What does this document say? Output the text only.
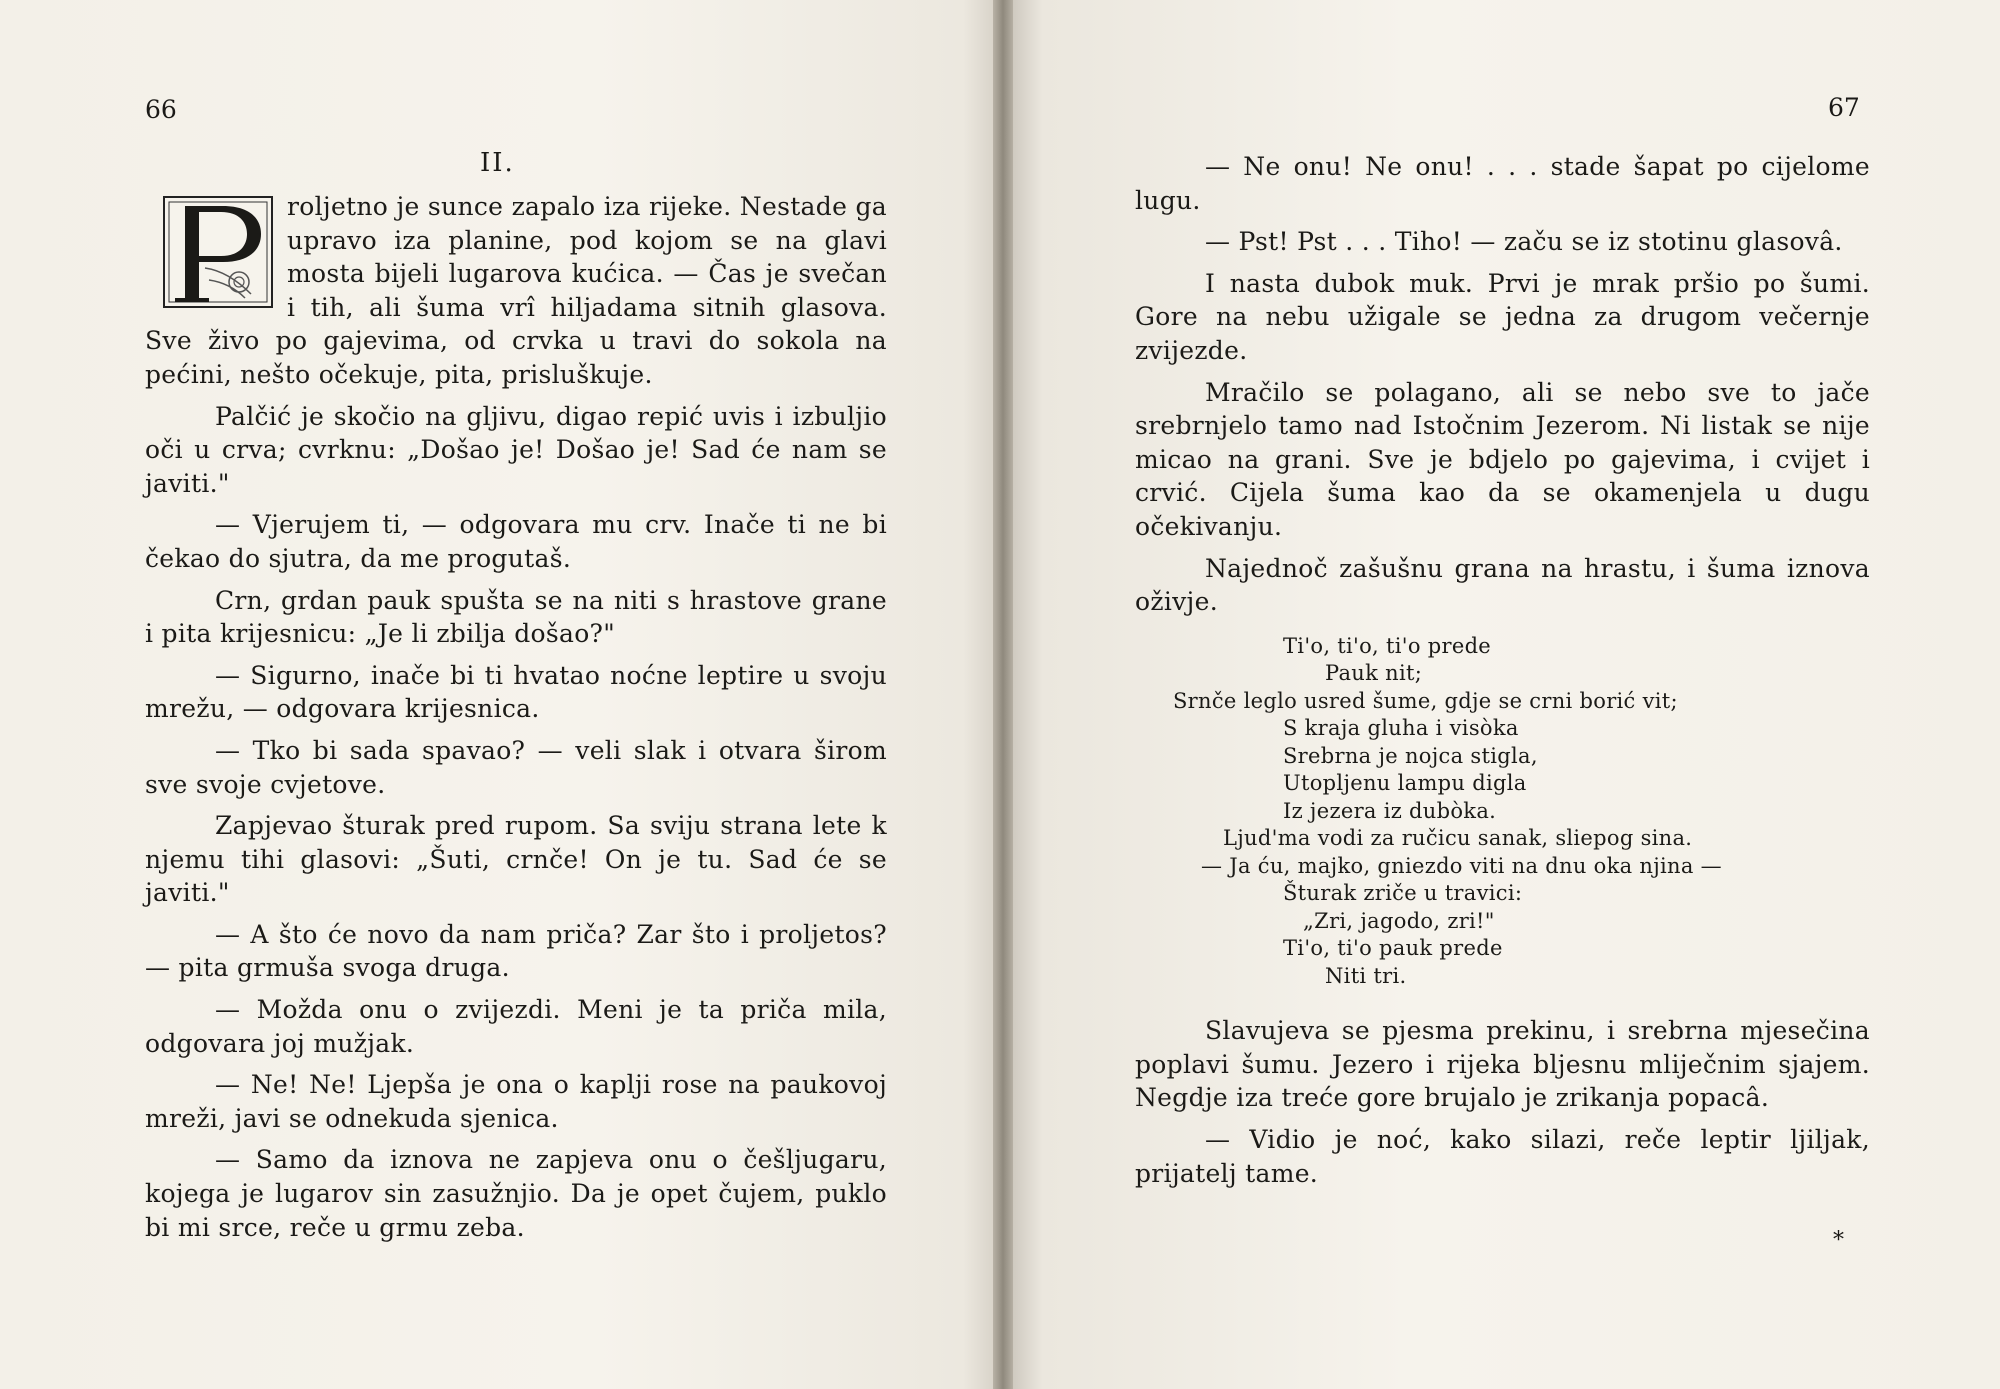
66
II.

roljetno je sunce zapalo iza rijeke. Nestade ga upravo iza planine, pod kojom se na glavi mosta bijeli lugarova kućica. — Čas je svečan i tih, ali šuma vrî hiljadama sitnih glasova. Sve živo po gajevima, od crvka u travi do sokola na pećini, nešto očekuje, pita, prisluškuje.

Palčić je skočio na gljivu, digao repić uvis i izbuljio oči u crva; cvrknu: „Došao je! Došao je! Sad će nam se javiti."

— Vjerujem ti, — odgovara mu crv. Inače ti ne bi čekao do sjutra, da me progutaš.

Crn, grdan pauk spušta se na niti s hrastove grane i pita krijesnicu: „Je li zbilja došao?"

— Sigurno, inače bi ti hvatao noćne leptire u svoju mrežu, — odgovara krijesnica.

— Tko bi sada spavao? — veli slak i otvara širom sve svoje cvjetove.

Zapjevao šturak pred rupom. Sa sviju strana lete k njemu tihi glasovi: „Šuti, crnče! On je tu. Sad će se javiti."

— A što će novo da nam priča? Zar što i proljetos? — pita grmuša svoga druga.

— Možda onu o zvijezdi. Meni je ta priča mila, odgovara joj mužjak.

— Ne! Ne! Ljepša je ona o kaplji rose na paukovoj mreži, javi se odnekuda sjenica.

— Samo da iznova ne zapjeva onu o češljugaru, kojega je lugarov sin zasužnjio. Da je opet čujem, puklo bi mi srce, reče u grmu zeba.

67

— Ne onu! Ne onu! . . . stade šapat po cijelome lugu.

— Pst! Pst . . . Tiho! — začu se iz stotinu glasovâ.

I nasta dubok muk. Prvi je mrak pršio po šumi. Gore na nebu užigale se jedna za drugom večernje zvijezde.

Mračilo se polagano, ali se nebo sve to jače srebrnjelo tamo nad Istočnim Jezerom. Ni listak se nije micao na grani. Sve je bdjelo po gajevima, i cvijet i crvić. Cijela šuma kao da se okamenjela u dugu očekivanju.

Najednoč zašušnu grana na hrastu, i šuma iznova oživje.

Ti'o, ti'o, ti'o prede
Pauk nit;
Srnče leglo usred šume, gdje se crni borić vit;
S kraja gluha i visòka
Srebrna je nojca stigla,
Utopljenu lampu digla
Iz jezera iz dubòka.
Ljud'ma vodi za ručicu sanak, sliepog sina.
— Ja ću, majko, gniezdo viti na dnu oka njina —
Šturak zriče u travici:
„Zri, jagodo, zri!"
Ti'o, ti'o pauk prede
Niti tri.

Slavujeva se pjesma prekinu, i srebrna mjesečina poplavi šumu. Jezero i rijeka bljesnu mliječnim sjajem. Negdje iza treće gore brujalo je zrikanja popacâ.

— Vidio je noć, kako silazi, reče leptir ljiljak, prijatelj tame.

*
